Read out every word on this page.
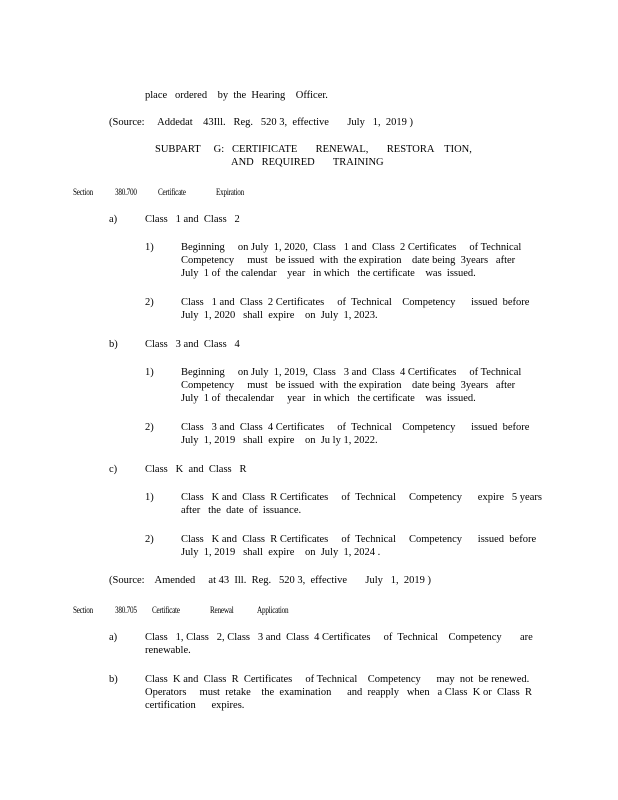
place   ordered    by  the  Hearing    Officer.
(Source:     Addedat    43Ill.   Reg.   520 3,  effective       July   1,  2019 )
SUBPART     G:   CERTIFICATE       RENEWAL,       RESTORA    TION,
AND   REQUIRED       TRAINING
Section 380.700 Certificate	Expiration
a)	Class   1 and  Class   2
1)	Beginning     on July  1, 2020,  Class   1 and  Class  2 Certificates     of Technical
Competency     must   be issued  with  the expiration    date being  3years   after
July  1 of  the calendar    year   in which   the certificate    was  issued.
2)	Class   1 and  Class  2 Certificates     of  Technical    Competency      issued  before
July  1, 2020   shall  expire    on  July  1, 2023.
b)	Class   3 and  Class   4
1)	Beginning     on July  1, 2019,  Class   3 and  Class  4 Certificates     of Technical
Competency     must   be issued  with  the expiration    date being  3years   after
July  1 of  thecalendar     year   in which   the certificate    was  issued.
2)	Class   3 and  Class  4 Certificates     of  Technical    Competency      issued  before
July  1, 2019   shall  expire    on  Ju ly 1, 2022.
c)	Class   K  and  Class   R
1)	Class   K and  Class  R Certificates     of  Technical     Competency      expire   5 years
after   the  date  of  issuance.
2)	Class   K and  Class  R Certificates     of  Technical     Competency      issued  before
July  1, 2019   shall  expire    on  July  1, 2024 .
(Source:    Amended     at 43  Ill.  Reg.   520 3,  effective       July   1,  2019 )
Section 380.705 Certificate	Renewal	Application
a)	Class   1, Class   2, Class   3 and  Class  4 Certificates     of  Technical    Competency       are
renewable.
b)	Class  K and  Class  R  Certificates     of Technical    Competency      may  not  be renewed.
Operators     must  retake    the  examination      and  reapply   when   a Class  K or  Class  R
certification      expires.
